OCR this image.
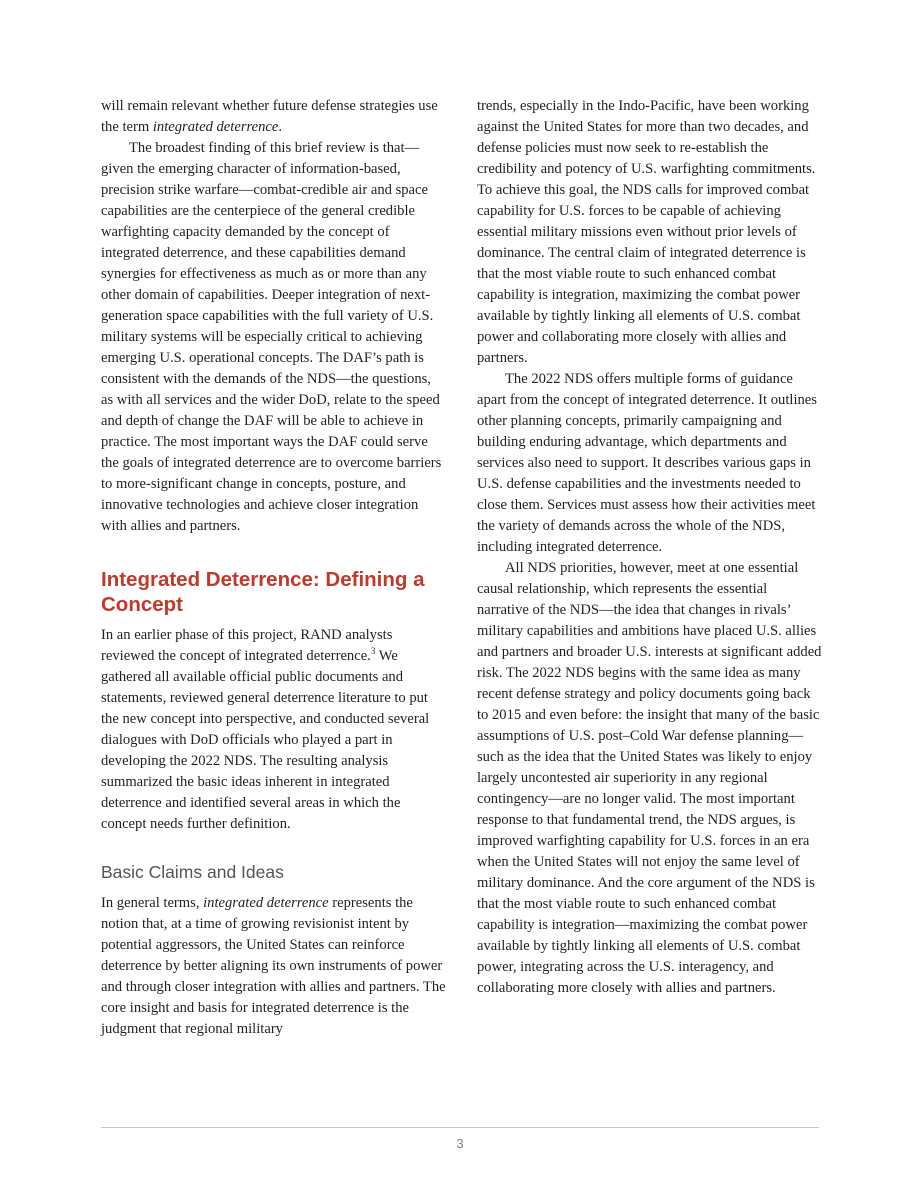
will remain relevant whether future defense strategies use the term integrated deterrence.

The broadest finding of this brief review is that—given the emerging character of information-based, precision strike warfare—combat-credible air and space capabilities are the centerpiece of the general credible warfighting capacity demanded by the concept of integrated deterrence, and these capabilities demand synergies for effectiveness as much as or more than any other domain of capabilities. Deeper integration of next-generation space capabilities with the full variety of U.S. military systems will be especially critical to achieving emerging U.S. operational concepts. The DAF’s path is consistent with the demands of the NDS—the questions, as with all services and the wider DoD, relate to the speed and depth of change the DAF will be able to achieve in practice. The most important ways the DAF could serve the goals of integrated deterrence are to overcome barriers to more-significant change in concepts, posture, and innovative technologies and achieve closer integration with allies and partners.

Integrated Deterrence: Defining a Concept

In an earlier phase of this project, RAND analysts reviewed the concept of integrated deterrence.$^3$ We gathered all available official public documents and statements, reviewed general deterrence literature to put the new concept into perspective, and conducted several dialogues with DoD officials who played a part in developing the 2022 NDS. The resulting analysis summarized the basic ideas inherent in integrated deterrence and identified several areas in which the concept needs further definition.

Basic Claims and Ideas

In general terms, integrated deterrence represents the notion that, at a time of growing revisionist intent by potential aggressors, the United States can reinforce deterrence by better aligning its own instruments of power and through closer integration with allies and partners. The core insight and basis for integrated deterrence is the judgment that regional military

trends, especially in the Indo-Pacific, have been working against the United States for more than two decades, and defense policies must now seek to re-establish the credibility and potency of U.S. warfighting commitments. To achieve this goal, the NDS calls for improved combat capability for U.S. forces to be capable of achieving essential military missions even without prior levels of dominance. The central claim of integrated deterrence is that the most viable route to such enhanced combat capability is integration, maximizing the combat power available by tightly linking all elements of U.S. combat power and collaborating more closely with allies and partners.

The 2022 NDS offers multiple forms of guidance apart from the concept of integrated deterrence. It outlines other planning concepts, primarily campaigning and building enduring advantage, which departments and services also need to support. It describes various gaps in U.S. defense capabilities and the investments needed to close them. Services must assess how their activities meet the variety of demands across the whole of the NDS, including integrated deterrence.

All NDS priorities, however, meet at one essential causal relationship, which represents the essential narrative of the NDS—the idea that changes in rivals’ military capabilities and ambitions have placed U.S. allies and partners and broader U.S. interests at significant added risk. The 2022 NDS begins with the same idea as many recent defense strategy and policy documents going back to 2015 and even before: the insight that many of the basic assumptions of U.S. post–Cold War defense planning—such as the idea that the United States was likely to enjoy largely uncontested air superiority in any regional contingency—are no longer valid. The most important response to that fundamental trend, the NDS argues, is improved warfighting capability for U.S. forces in an era when the United States will not enjoy the same level of military dominance. And the core argument of the NDS is that the most viable route to such enhanced combat capability is integration—maximizing the combat power available by tightly linking all elements of U.S. combat power, integrating across the U.S. interagency, and collaborating more closely with allies and partners.

3
